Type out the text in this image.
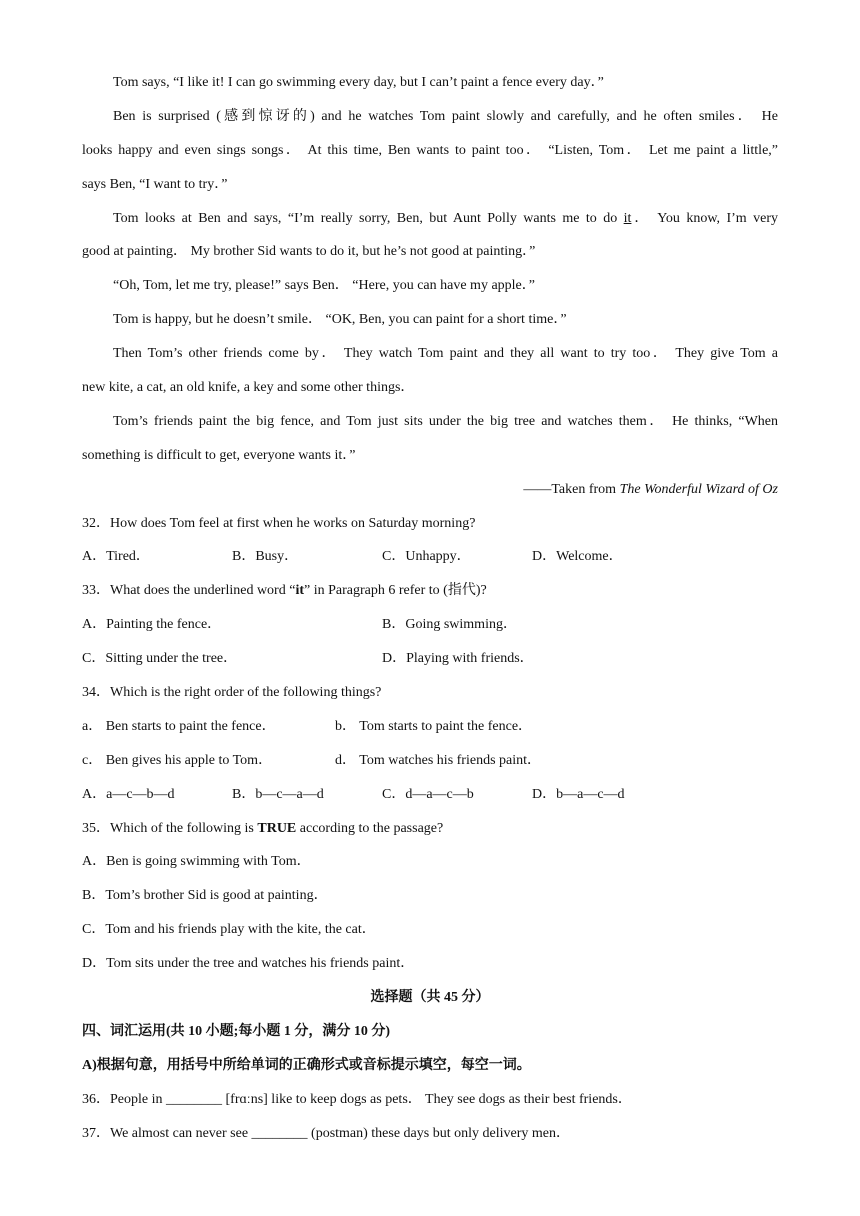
Tom says, “I like it! I can go swimming every day, but I can’t paint a fence every day．”
Ben is surprised (感到惊讶的) and he watches Tom paint slowly and carefully, and he often smiles． He
looks happy and even sings songs． At this time, Ben wants to paint too． “Listen, Tom． Let me paint a little,”
says Ben, “I want to try．”
Tom looks at Ben and says, “I’m really sorry, Ben, but Aunt Polly wants me to do it． You know, I’m very
good at painting． My brother Sid wants to do it, but he’s not good at painting．”
“Oh, Tom, let me try, please!” says Ben． “Here, you can have my apple．”
Tom is happy, but he doesn’t smile． “OK, Ben, you can paint for a short time．”
Then Tom’s other friends come by． They watch Tom paint and they all want to try too． They give Tom a
new kite, a cat, an old knife, a key and some other things．
Tom’s friends paint the big fence, and Tom just sits under the big tree and watches them． He thinks, “When
something is difficult to get, everyone wants it．”
——Taken from The Wonderful Wizard of Oz
32．How does Tom feel at first when he works on Saturday morning?
A．Tired．	B．Busy．	C．Unhappy．	D．Welcome．
33．What does the underlined word “it” in Paragraph 6 refer to (指代)?
A．Painting the fence．	B．Going swimming．
C．Sitting under the tree．	D．Playing with friends．
34．Which is the right order of the following things?
a． Ben starts to paint the fence．	b． Tom starts to paint the fence．
c． Ben gives his apple to Tom．	d． Tom watches his friends paint．
A．a—c—b—d	B．b—c—a—d	C．d—a—c—b	D．b—a—c—d
35．Which of the following is TRUE according to the passage?
A．Ben is going swimming with Tom．
B．Tom’s brother Sid is good at painting．
C．Tom and his friends play with the kite, the cat．
D．Tom sits under the tree and watches his friends paint．
选择题（共 45 分）
四、词汇运用(共 10 小题;每小题 1 分，满分 10 分)
A)根据句意，用括号中所给单词的正确形式或音标提示填空，每空一词。
36．People in ________ [frɑːns] like to keep dogs as pets． They see dogs as their best friends．
37．We almost can never see ________ (postman) these days but only delivery men．
